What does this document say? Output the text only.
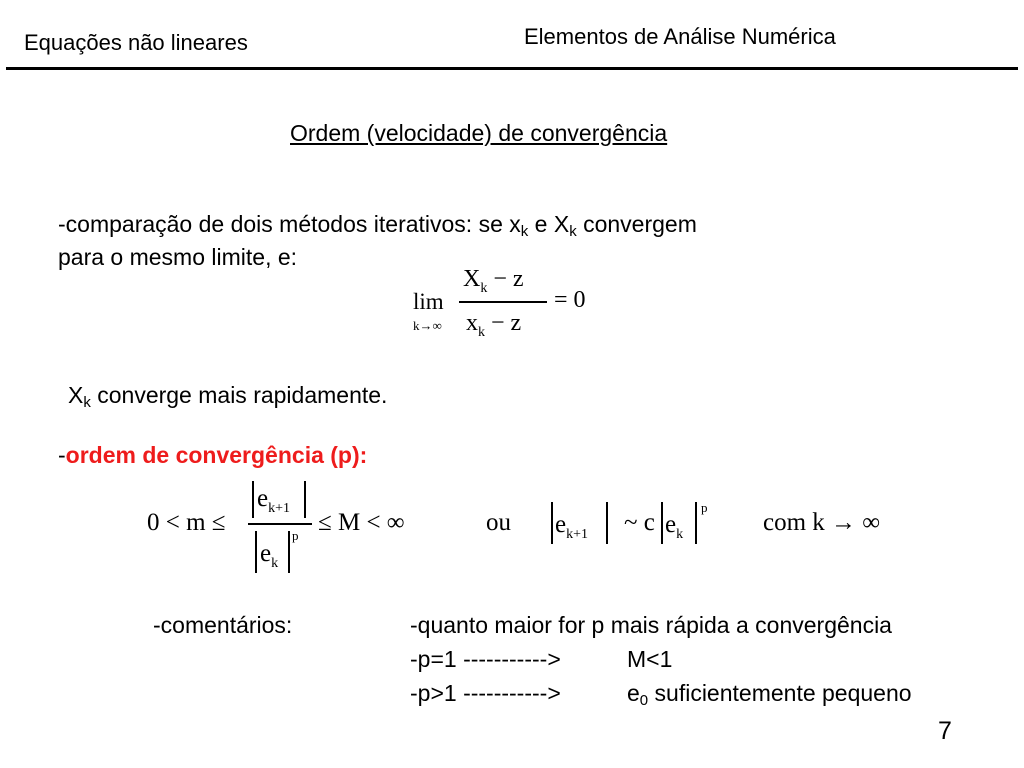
Equações não lineares	Elementos de Análise Numérica
Ordem (velocidade) de convergência
-comparação de dois métodos iterativos: se $x_k$ e $X_k$ convergem
para o mesmo limite, e:
lim
k→∞
$X_k - z$
$x_k - z$
= 0
$X_k$ converge mais rapidamente.
-ordem de convergência (p):
0 < m ≤
$e_{k+1}$
$e_k$
p ≤ M < ∞	ou $e_{k+1}$ ~ c $e_k$
p
com k → ∞
-comentários:	-quanto maior for p mais rápida a convergência
-p=1 ----------->	M<1
-p>1 ----------->	$e_0$ suficientemente pequeno
7
